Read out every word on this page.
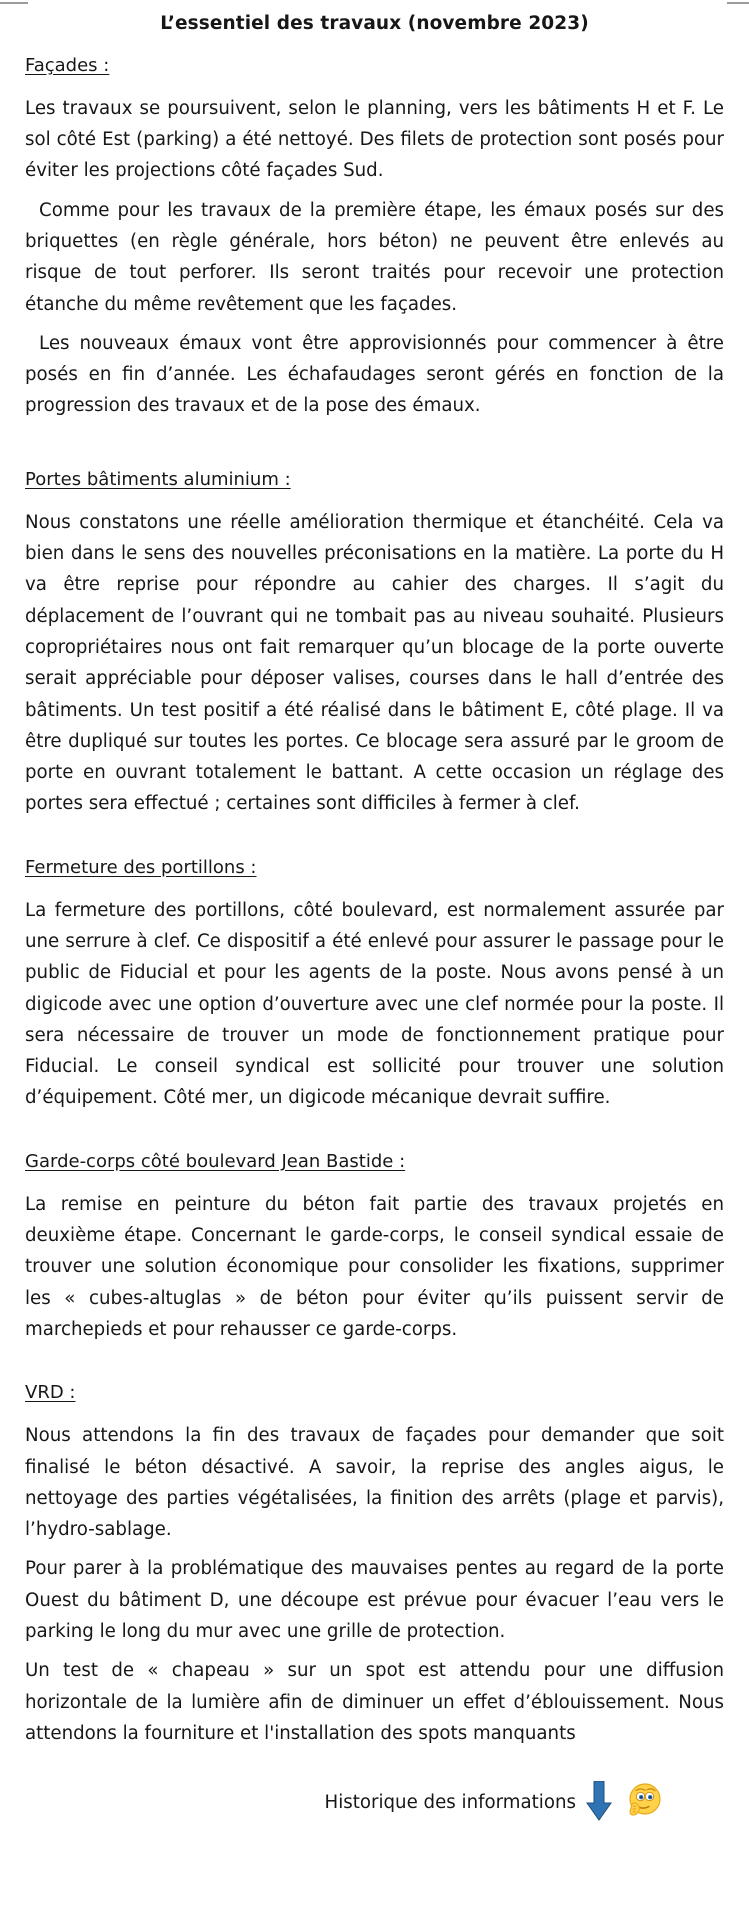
L’essentiel des travaux (novembre 2023)
Façades :

Les travaux se poursuivent, selon le planning, vers les bâtiments H et F. Le sol côté Est (parking) a été nettoyé. Des filets de protection sont posés pour éviter les projections côté façades Sud.

Comme pour les travaux de la première étape, les émaux posés sur des briquettes (en règle générale, hors béton) ne peuvent être enlevés au risque de tout perforer. Ils seront traités pour recevoir une protection étanche du même revêtement que les façades.

Les nouveaux émaux vont être approvisionnés pour commencer à être posés en fin d’année. Les échafaudages seront gérés en fonction de la progression des travaux et de la pose des émaux.

Portes bâtiments aluminium :

Nous constatons une réelle amélioration thermique et étanchéité. Cela va bien dans le sens des nouvelles préconisations en la matière. La porte du H va être reprise pour répondre au cahier des charges. Il s’agit du déplacement de l’ouvrant qui ne tombait pas au niveau souhaité. Plusieurs copropriétaires nous ont fait remarquer qu’un blocage de la porte ouverte serait appréciable pour déposer valises, courses dans le hall d’entrée des bâtiments. Un test positif a été réalisé dans le bâtiment E, côté plage. Il va être dupliqué sur toutes les portes. Ce blocage sera assuré par le groom de porte en ouvrant totalement le battant. A cette occasion un réglage des portes sera effectué ; certaines sont difficiles à fermer à clef.

Fermeture des portillons :

La fermeture des portillons, côté boulevard, est normalement assurée par une serrure à clef. Ce dispositif a été enlevé pour assurer le passage pour le public de Fiducial et pour les agents de la poste. Nous avons pensé à un digicode avec une option d’ouverture avec une clef normée pour la poste. Il sera nécessaire de trouver un mode de fonctionnement pratique pour Fiducial. Le conseil syndical est sollicité pour trouver une solution d’équipement. Côté mer, un digicode mécanique devrait suffire.

Garde-corps côté boulevard Jean Bastide :

La remise en peinture du béton fait partie des travaux projetés en deuxième étape. Concernant le garde-corps, le conseil syndical essaie de trouver une solution économique pour consolider les fixations, supprimer les « cubes-altuglas » de béton pour éviter qu’ils puissent servir de marchepieds et pour rehausser ce garde-corps.

VRD :

Nous attendons la fin des travaux de façades pour demander que soit finalisé le béton désactivé. A savoir, la reprise des angles aigus, le nettoyage des parties végétalisées, la finition des arrêts (plage et parvis), l’hydro-sablage.

Pour parer à la problématique des mauvaises pentes au regard de la porte Ouest du bâtiment D, une découpe est prévue pour évacuer l’eau vers le parking le long du mur avec une grille de protection.

Un test de « chapeau » sur un spot est attendu pour une diffusion horizontale de la lumière afin de diminuer un effet d’éblouissement. Nous attendons la fourniture et l'installation des spots manquants

Historique des informations
